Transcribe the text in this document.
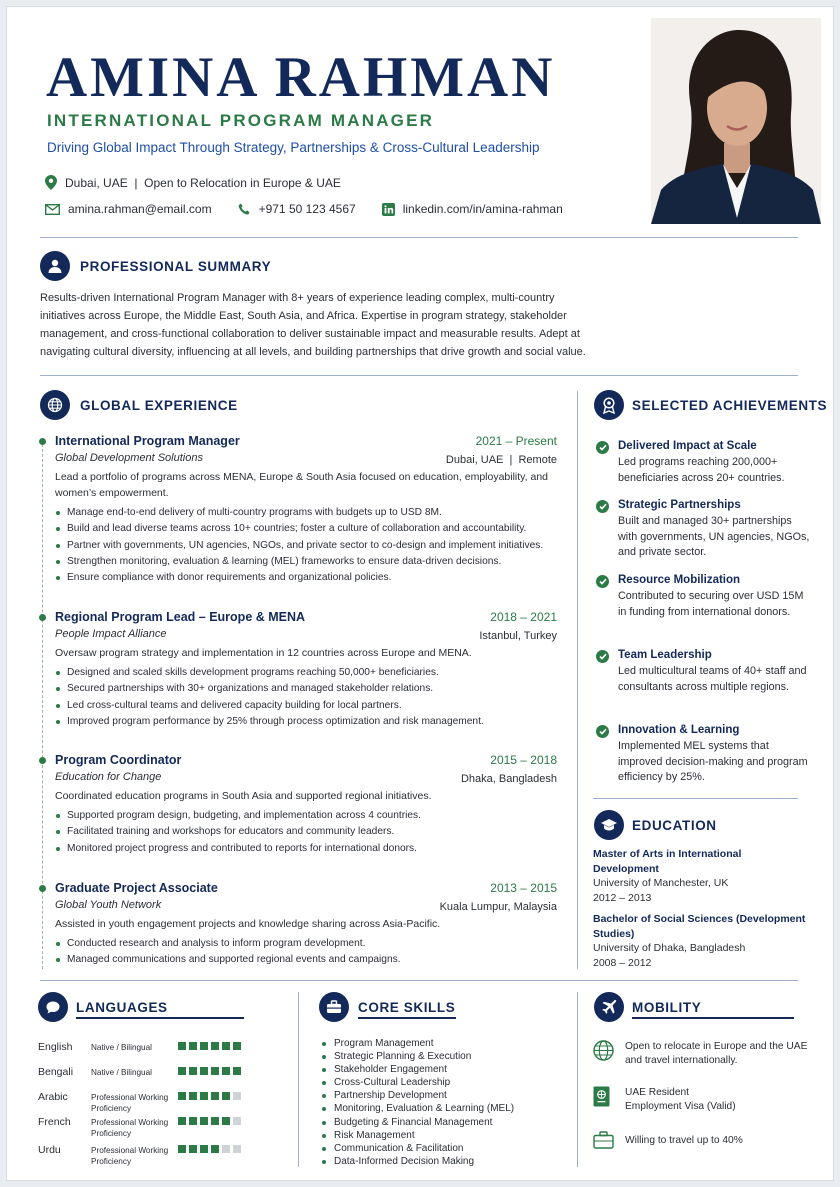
AMINA RAHMAN
INTERNATIONAL PROGRAM MANAGER
Driving Global Impact Through Strategy, Partnerships & Cross-Cultural Leadership
Dubai, UAE  |  Open to Relocation in Europe & UAE
amina.rahman@email.com	+971 50 123 4567	linkedin.com/in/amina-rahman
PROFESSIONAL SUMMARY
Results-driven International Program Manager with 8+ years of experience leading complex, multi-country initiatives across Europe, the Middle East, South Asia, and Africa. Expertise in program strategy, stakeholder management, and cross-functional collaboration to deliver sustainable impact and measurable results. Adept at navigating cultural diversity, influencing at all levels, and building partnerships that drive growth and social value.
GLOBAL EXPERIENCE
International Program Manager	2021 – Present
Global Development Solutions	Dubai, UAE  |  Remote
Lead a portfolio of programs across MENA, Europe & South Asia focused on education, employability, and women’s empowerment.
Manage end-to-end delivery of multi-country programs with budgets up to USD 8M.
Build and lead diverse teams across 10+ countries; foster a culture of collaboration and accountability.
Partner with governments, UN agencies, NGOs, and private sector to co-design and implement initiatives.
Strengthen monitoring, evaluation & learning (MEL) frameworks to ensure data-driven decisions.
Ensure compliance with donor requirements and organizational policies.
Regional Program Lead – Europe & MENA	2018 – 2021
People Impact Alliance	Istanbul, Turkey
Oversaw program strategy and implementation in 12 countries across Europe and MENA.
Designed and scaled skills development programs reaching 50,000+ beneficiaries.
Secured partnerships with 30+ organizations and managed stakeholder relations.
Led cross-cultural teams and delivered capacity building for local partners.
Improved program performance by 25% through process optimization and risk management.
Program Coordinator	2015 – 2018
Education for Change	Dhaka, Bangladesh
Coordinated education programs in South Asia and supported regional initiatives.
Supported program design, budgeting, and implementation across 4 countries.
Facilitated training and workshops for educators and community leaders.
Monitored project progress and contributed to reports for international donors.
Graduate Project Associate	2013 – 2015
Global Youth Network	Kuala Lumpur, Malaysia
Assisted in youth engagement projects and knowledge sharing across Asia-Pacific.
Conducted research and analysis to inform program development.
Managed communications and supported regional events and campaigns.
SELECTED ACHIEVEMENTS
Delivered Impact at Scale
Led programs reaching 200,000+ beneficiaries across 20+ countries.
Strategic Partnerships
Built and managed 30+ partnerships with governments, UN agencies, NGOs, and private sector.
Resource Mobilization
Contributed to securing over USD 15M in funding from international donors.
Team Leadership
Led multicultural teams of 40+ staff and consultants across multiple regions.
Innovation & Learning
Implemented MEL systems that improved decision-making and program efficiency by 25%.
EDUCATION
Master of Arts in International Development
University of Manchester, UK
2012 – 2013
Bachelor of Social Sciences (Development Studies)
University of Dhaka, Bangladesh
2008 – 2012
LANGUAGES
English Native / Bilingual
Bengali Native / Bilingual
Arabic	Professional Working Proficiency
French Professional Working Proficiency
Urdu	Professional Working Proficiency
CORE SKILLS
Program Management
Strategic Planning & Execution
Stakeholder Engagement
Cross-Cultural Leadership
Partnership Development
Monitoring, Evaluation & Learning (MEL)
Budgeting & Financial Management
Risk Management
Communication & Facilitation
Data-Informed Decision Making
MOBILITY
Open to relocate in Europe and the UAE and travel internationally.
UAE Resident
Employment Visa (Valid)
Willing to travel up to 40%
